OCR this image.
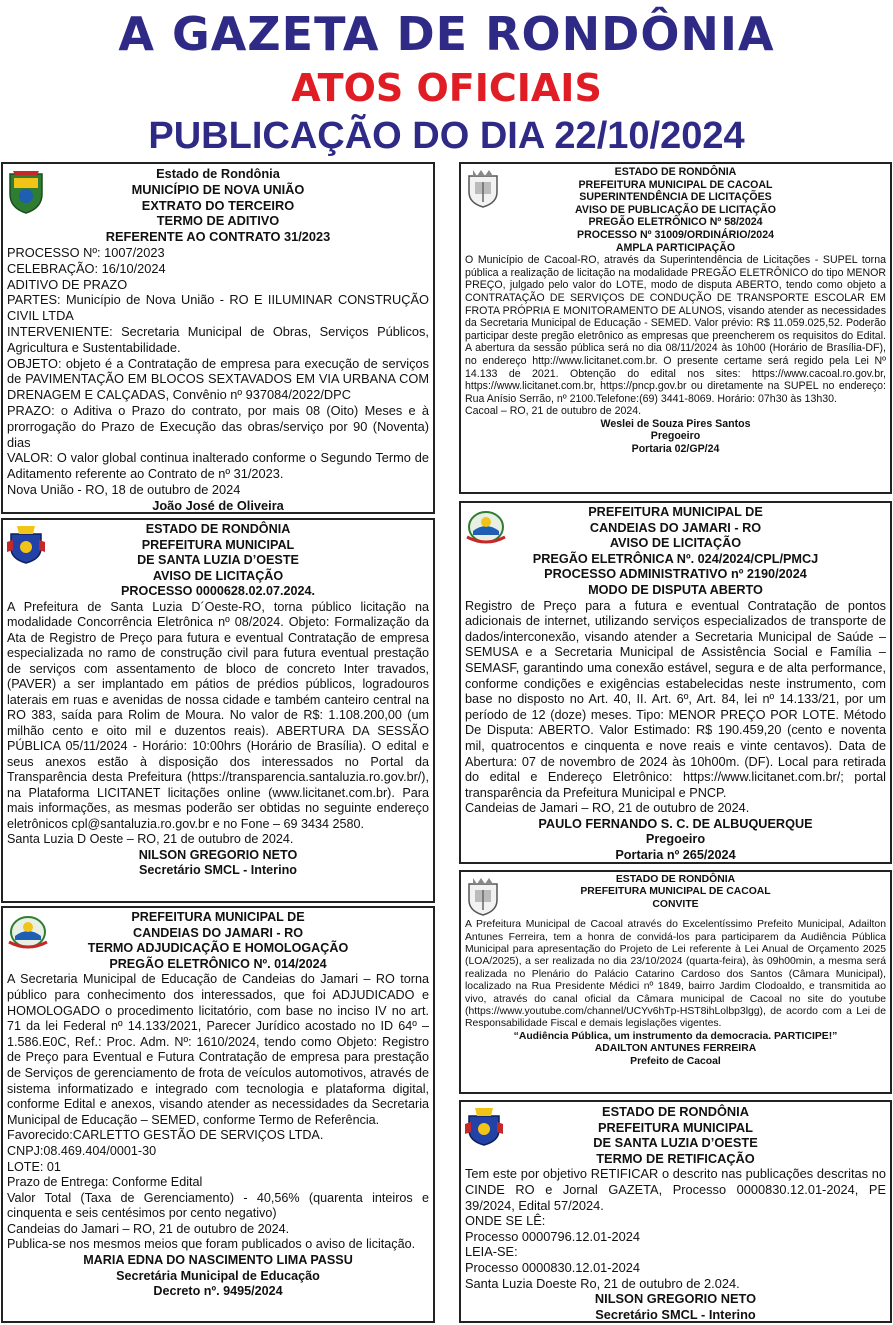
A GAZETA DE RONDÔNIA
ATOS OFICIAIS
PUBLICAÇÃO DO DIA 22/10/2024
Estado de Rondônia
MUNICÍPIO DE NOVA UNIÃO
EXTRATO DO TERCEIRO
TERMO DE ADITIVO
REFERENTE AO CONTRATO 31/2023
PROCESSO Nº: 1007/2023
CELEBRAÇÃO: 16/10/2024
ADITIVO DE PRAZO
PARTES: Município de Nova União - RO E IILUMINAR CONSTRUÇÃO CIVIL LTDA
INTERVENIENTE: Secretaria Municipal de Obras, Serviços Públicos, Agricultura e Sustentabilidade.
OBJETO: objeto é a Contratação de empresa para execução de serviços de PAVIMENTAÇÃO EM BLOCOS SEXTAVADOS EM VIA URBANA COM DRENAGEM E CALÇADAS, Convênio nº 937084/2022/DPC
PRAZO: o Aditiva o Prazo do contrato, por mais 08 (Oito) Meses e à prorrogação do Prazo de Execução das obras/serviço por 90 (Noventa) dias
VALOR: O valor global continua inalterado conforme o Segundo Termo de Aditamento referente ao Contrato de nº 31/2023.
Nova União - RO, 18 de outubro de 2024
João José de Oliveira
ESTADO DE RONDÔNIA
PREFEITURA MUNICIPAL
DE SANTA LUZIA D’OESTE
AVISO DE LICITAÇÃO
PROCESSO 0000628.02.07.2024.
A Prefeitura de Santa Luzia D´Oeste-RO, torna público licitação na modalidade Concorrência Eletrônica nº 08/2024. Objeto: Formalização da Ata de Registro de Preço para futura e eventual Contratação de empresa especializada no ramo de construção civil para futura eventual prestação de serviços com assentamento de bloco de concreto Inter travados, (PAVER) a ser implantado em pátios de prédios públicos, logradouros laterais em ruas e avenidas de nossa cidade e também canteiro central na RO 383, saída para Rolim de Moura. No valor de R$: 1.108.200,00 (um milhão cento e oito mil e duzentos reais). ABERTURA DA SESSÃO PÚBLICA 05/11/2024 - Horário: 10:00hrs (Horário de Brasília). O edital e seus anexos estão à disposição dos interessados no Portal da Transparência desta Prefeitura (https://transparencia.santaluzia.ro.gov.br/), na Plataforma LICITANET licitações online (www.licitanet.com.br). Para mais informações, as mesmas poderão ser obtidas no seguinte endereço eletrônicos cpl@santaluzia.ro.gov.br e no Fone – 69 3434 2580.
Santa Luzia D Oeste – RO, 21 de outubro de 2024.
NILSON GREGORIO NETO
Secretário SMCL - Interino
PREFEITURA MUNICIPAL DE
CANDEIAS DO JAMARI - RO
TERMO ADJUDICAÇÃO E HOMOLOGAÇÃO
PREGÃO ELETRÔNICO Nº. 014/2024
A Secretaria Municipal de Educação de Candeias do Jamari – RO torna público para conhecimento dos interessados, que foi ADJUDICADO e HOMOLOGADO o procedimento licitatório, com base no inciso IV no art. 71 da lei Federal nº 14.133/2021, Parecer Jurídico acostado no ID 64º – 1.586.E0C, Ref.: Proc. Adm. Nº: 1610/2024, tendo como Objeto: Registro de Preço para Eventual e Futura Contratação de empresa para prestação de Serviços de gerenciamento de frota de veículos automotivos, através de sistema informatizado e integrado com tecnologia e plataforma digital, conforme Edital e anexos, visando atender as necessidades da Secretaria Municipal de Educação – SEMED, conforme Termo de Referência.
Favorecido:CARLETTO GESTÃO DE SERVIÇOS LTDA.
CNPJ:08.469.404/0001-30
LOTE: 01
Prazo de Entrega: Conforme Edital
Valor Total (Taxa de Gerenciamento) - 40,56% (quarenta inteiros e cinquenta e seis centésimos por cento negativo)
Candeias do Jamari – RO, 21 de outubro de 2024.
Publica-se nos mesmos meios que foram publicados o aviso de licitação.
MARIA EDNA DO NASCIMENTO LIMA PASSU
Secretária Municipal de Educação
Decreto nº. 9495/2024
ESTADO DE RONDÔNIA
PREFEITURA MUNICIPAL DE CACOAL
SUPERINTENDÊNCIA DE LICITAÇÕES
AVISO DE PUBLICAÇÃO DE LICITAÇÃO
PREGÃO ELETRÔNICO Nº 58/2024
PROCESSO Nº 31009/ORDINÁRIO/2024
AMPLA PARTICIPAÇÃO
O Município de Cacoal-RO, através da Superintendência de Licitações - SUPEL torna pública a realização de licitação na modalidade PREGÃO ELETRÔNICO do tipo MENOR PREÇO, julgado pelo valor do LOTE, modo de disputa ABERTO, tendo como objeto a CONTRATAÇÃO DE SERVIÇOS DE CONDUÇÃO DE TRANSPORTE ESCOLAR EM FROTA PRÓPRIA E MONITORAMENTO DE ALUNOS, visando atender as necessidades da Secretaria Municipal de Educação - SEMED. Valor prévio: R$ 11.059.025,52. Poderão participar deste pregão eletrônico as empresas que preencherem os requisitos do Edital. A abertura da sessão pública será no dia 08/11/2024 às 10h00 (Horário de Brasília-DF), no endereço http://www.licitanet.com.br. O presente certame será regido pela Lei Nº 14.133 de 2021. Obtenção do edital nos sites: https://www.cacoal.ro.gov.br, https://www.licitanet.com.br, https://pncp.gov.br ou diretamente na SUPEL no endereço: Rua Anísio Serrão, nº 2100.Telefone:(69) 3441-8069. Horário: 07h30 às 13h30.
Cacoal – RO, 21 de outubro de 2024.
Weslei de Souza Pires Santos
Pregoeiro
Portaria 02/GP/24
PREFEITURA MUNICIPAL DE
CANDEIAS DO JAMARI - RO
AVISO DE LICITAÇÃO
PREGÃO ELETRÔNICA Nº. 024/2024/CPL/PMCJ
PROCESSO ADMINISTRATIVO nº 2190/2024
MODO DE DISPUTA ABERTO
Registro de Preço para a futura e eventual Contratação de pontos adicionais de internet, utilizando serviços especializados de transporte de dados/interconexão, visando atender a Secretaria Municipal de Saúde – SEMUSA e a Secretaria Municipal de Assistência Social e Família – SEMASF, garantindo uma conexão estável, segura e de alta performance, conforme condições e exigências estabelecidas neste instrumento, com base no disposto no Art. 40, II. Art. 6º, Art. 84, lei nº 14.133/21, por um período de 12 (doze) meses. Tipo: MENOR PREÇO POR LOTE. Método De Disputa: ABERTO. Valor Estimado: R$ 190.459,20 (cento e noventa mil, quatrocentos e cinquenta e nove reais e vinte centavos). Data de Abertura: 07 de novembro de 2024 às 10h00m. (DF). Local para retirada do edital e Endereço Eletrônico: https://www.licitanet.com.br/; portal transparência da Prefeitura Municipal e PNCP.
Candeias de Jamari – RO, 21 de outubro de 2024.
PAULO FERNANDO S. C. DE ALBUQUERQUE
Pregoeiro
Portaria nº 265/2024
ESTADO DE RONDÔNIA
PREFEITURA MUNICIPAL DE CACOAL
CONVITE
A Prefeitura Municipal de Cacoal através do Excelentíssimo Prefeito Municipal, Adailton Antunes Ferreira, tem a honra de convidá-los para participarem da Audiência Pública Municipal para apresentação do Projeto de Lei referente à Lei Anual de Orçamento 2025 (LOA/2025), a ser realizada no dia 23/10/2024 (quarta-feira), às 09h00min, a mesma será realizada no Plenário do Palácio Catarino Cardoso dos Santos (Câmara Municipal), localizado na Rua Presidente Médici nº 1849, bairro Jardim Clodoaldo, e transmitida ao vivo, através do canal oficial da Câmara municipal de Cacoal no site do youtube (https://www.youtube.com/channel/UCYv6hTp-HST8ihLolbp3lgg), de acordo com a Lei de Responsabilidade Fiscal e demais legislações vigentes.
“Audiência Pública, um instrumento da democracia. PARTICIPE!”
ADAILTON ANTUNES FERREIRA
Prefeito de Cacoal
ESTADO DE RONDÔNIA
PREFEITURA MUNICIPAL
DE SANTA LUZIA D’OESTE
TERMO DE RETIFICAÇÃO
Tem este por objetivo RETIFICAR o descrito nas publicações descritas no CINDE RO e Jornal GAZETA, Processo 0000830.12.01-2024, PE 39/2024, Edital 57/2024.
ONDE SE LÊ:
Processo 0000796.12.01-2024
LEIA-SE:
Processo 0000830.12.01-2024
Santa Luzia Doeste Ro, 21 de outubro de 2.024.
NILSON GREGORIO NETO
Secretário SMCL - Interino
